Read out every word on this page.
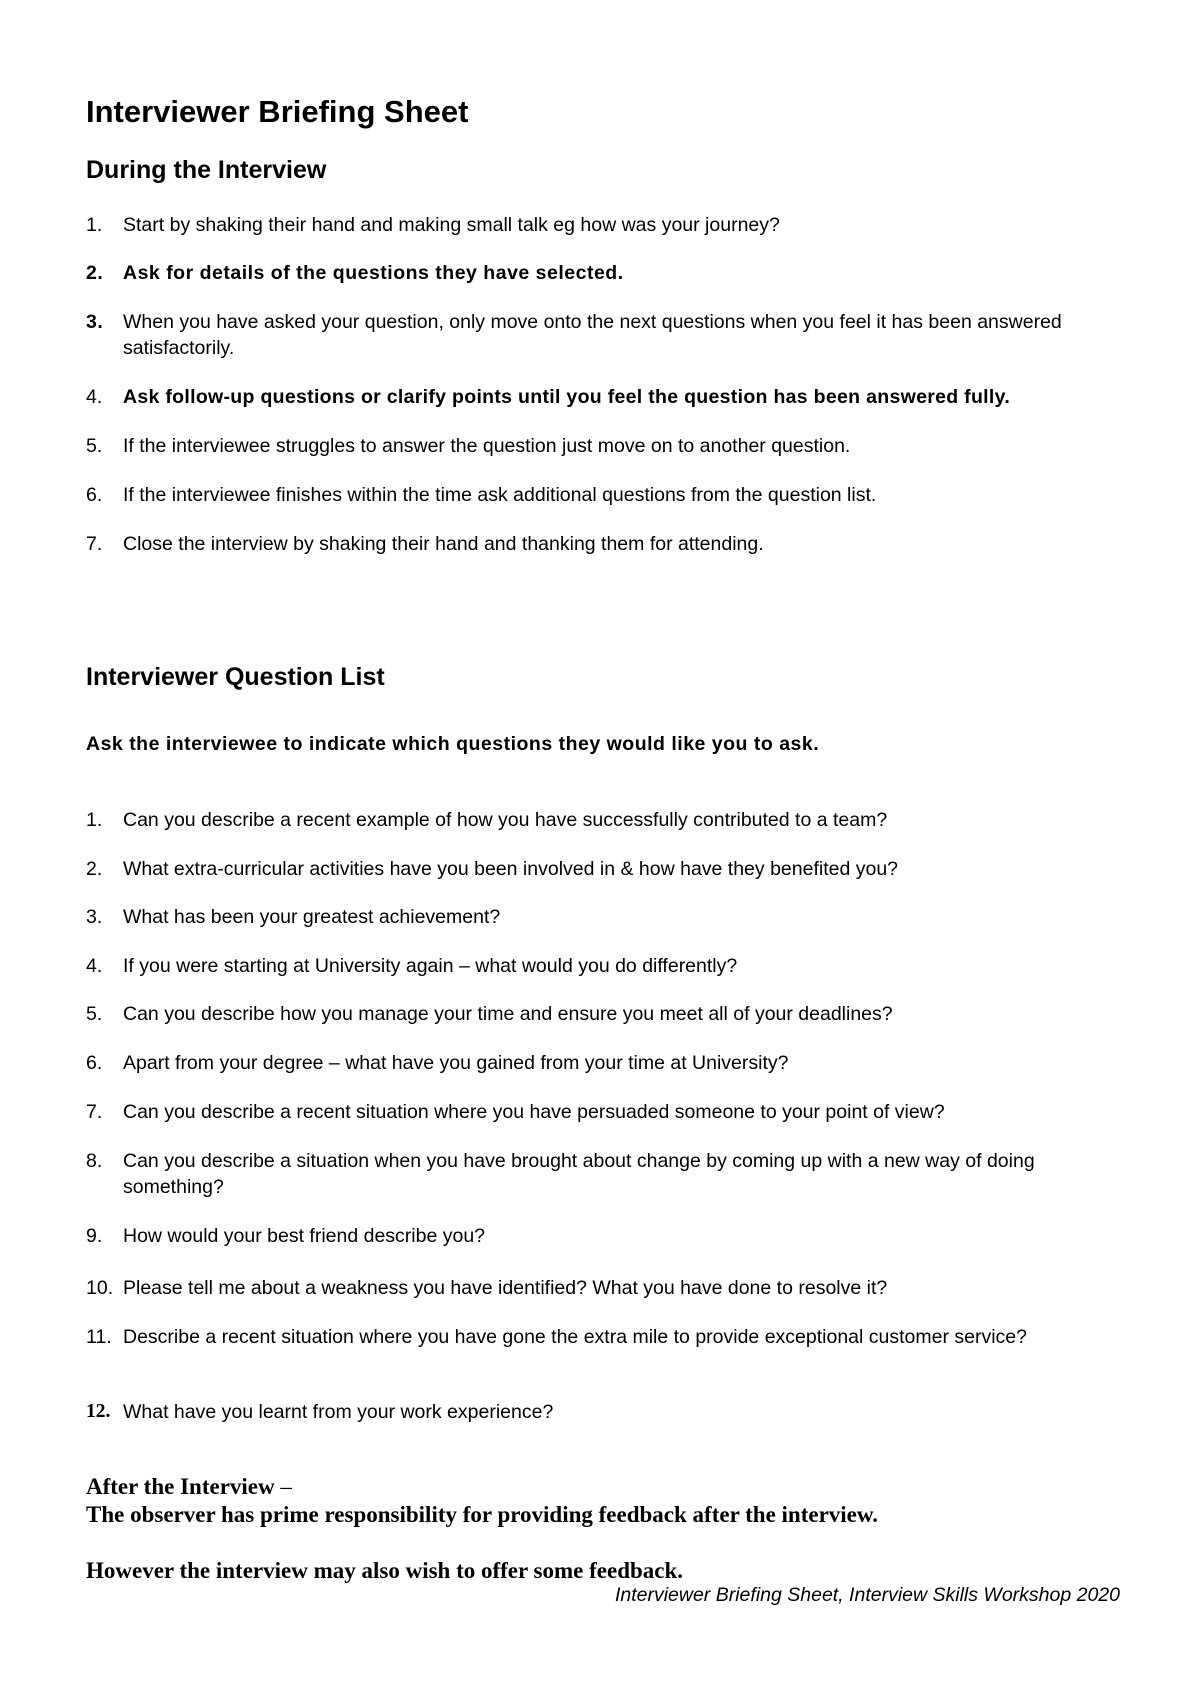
Interviewer Briefing Sheet
During the Interview
1.	Start by shaking their hand and making small talk eg how was your journey?
2.	Ask for details of the questions they have selected.
3.	When you have asked your question, only move onto the next questions when you feel it has been answered satisfactorily.
4.	Ask follow-up questions or clarify points until you feel the question has been answered fully.
5.	If the interviewee struggles to answer the question just move on to another question.
6.	If the interviewee finishes within the time ask additional questions from the question list.
7.	Close the interview by shaking their hand and thanking them for attending.
Interviewer Question List

Ask the interviewee to indicate which questions they would like you to ask.

1.	Can you describe a recent example of how you have successfully contributed to a team?
2.	What extra-curricular activities have you been involved in & how have they benefited you?
3.	What has been your greatest achievement?
4.	If you were starting at University again – what would you do differently?
5.	Can you describe how you manage your time and ensure you meet all of your deadlines?
6.	Apart from your degree – what have you gained from your time at University?
7.	Can you describe a recent situation where you have persuaded someone to your point of view?
8.	Can you describe a situation when you have brought about change by coming up with a new way of doing something?
9.	How would your best friend describe you?
10. Please tell me about a weakness you have identified? What you have done to resolve it?
11. Describe a recent situation where you have gone the extra mile to provide exceptional customer service?
12. What have you learnt from your work experience?
After the Interview –
The observer has prime responsibility for providing feedback after the interview.
However the interview may also wish to offer some feedback.
Interviewer Briefing Sheet, Interview Skills Workshop 2020
